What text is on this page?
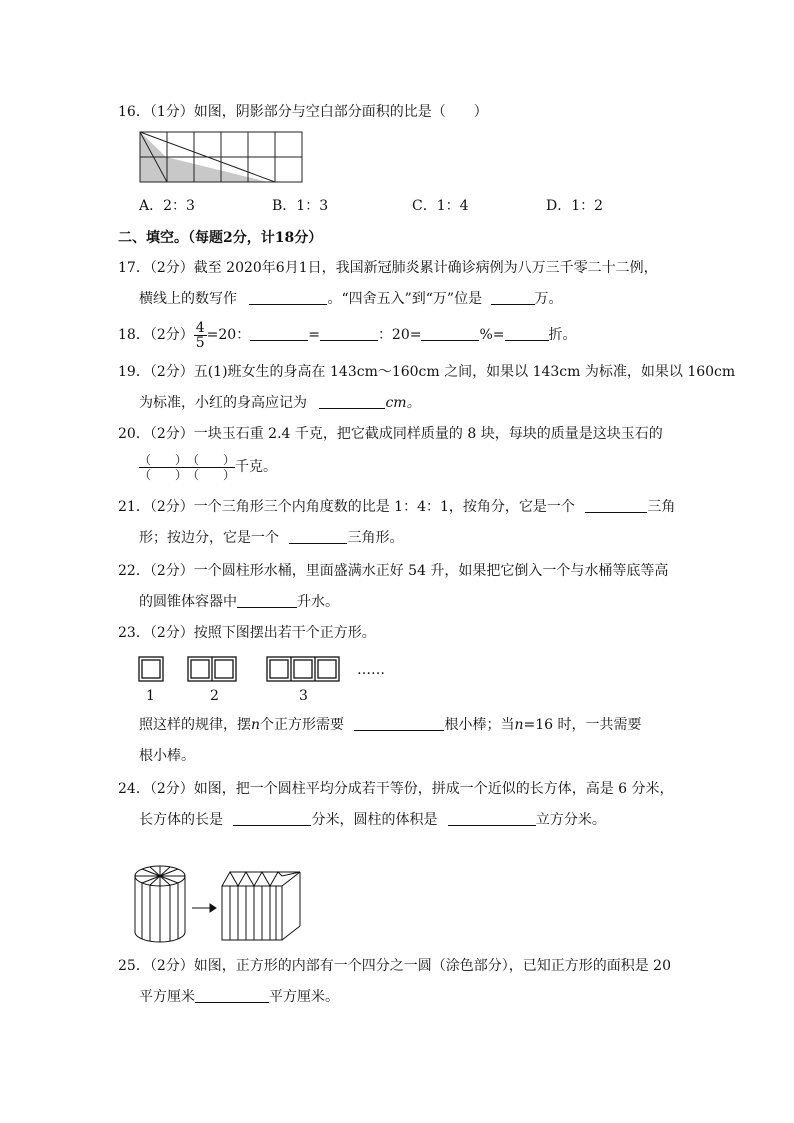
16．（1分）如图，阴影部分与空白部分面积的比是（　　）
A．2：3	B．1：3	C．1：4	D．1：2
二、填空。（每题2分，计18分）
17．（2分）截至 2020年6月1日，我国新冠肺炎累计确诊病例为八万三千零二十二例，
横线上的数写作	。“四舍五入”到“万”位是	万。
18．（2分） $\frac{4}{5} =20$：	=	：20=	%=	折。
19．（2分）五(1)班女生的身高在 143cm～160cm 之间，如果以 143cm 为标准，如果以 160cm
为标准，小红的身高应记为	cm。
20．（2分）一块玉石重 2.4 千克，把它截成同样质量的 8 块，每块的质量是这块玉石的
$\frac{( )}{( )} \frac{( )}{( )}$ 千克。
21．（2分）一个三角形三个内角度数的比是 1：4：1，按角分，它是一个	三角
形；按边分，它是一个	三角形。
22．（2分）一个圆柱形水桶，里面盛满水正好 54 升，如果把它倒入一个与水桶等底等高
的圆锥体容器中	升水。
23．（2分）按照下图摆出若干个正方形。
……
1	2	3
照这样的规律，摆n个正方形需要	根小棒；当n=16 时，一共需要
根小棒。
24．（2分）如图，把一个圆柱平均分成若干等份，拼成一个近似的长方体，高是 6 分米，
长方体的长是	分米，圆柱的体积是	立方分米。
25．（2分）如图，正方形的内部有一个四分之一圆（涂色部分），已知正方形的面积是 20
平方厘米	平方厘米。
